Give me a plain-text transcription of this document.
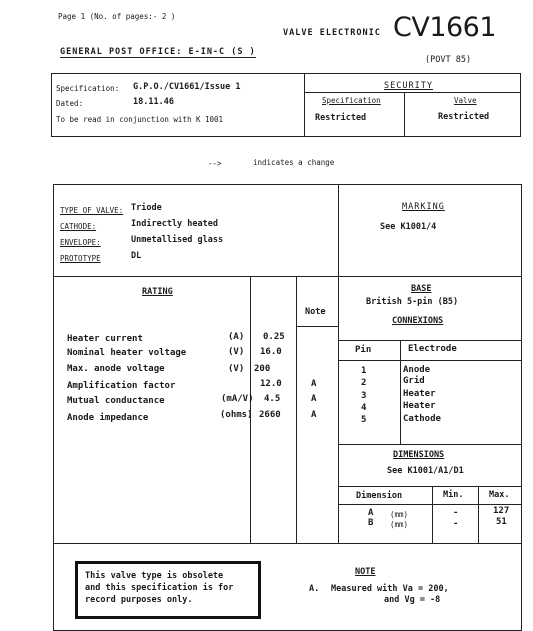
Page 1 (No. of pages:- 2 )
VALVE ELECTRONIC CV1661
GENERAL POST OFFICE: E-IN-C (S )
(POVT 85)
Specification: G.P.O./CV1661/Issue 1
Dated:	18.11.46
To be read in conjunction with K 1001
SECURITY
Specification	Valve
Restricted	Restricted
-->	indicates a change
TYPE OF VALVE: Triode
CATHODE:	Indirectly heated
ENVELOPE:	Unmetallised glass
PROTOTYPE	DL
MARKING
See K1001/4
RATING
Note
Heater current	(A) 0.25
Nominal heater voltage	(V) 16.0
Max. anode voltage	(V) 200
Amplification factor	12.0	A
Mutual conductance	(mA/V) 4.5	A
Anode impedance	(ohms) 2660	A
BASE
British 5-pin (B5)
CONNEXIONS
Pin	Electrode
1	Anode
2	Grid
3	Heater
4	Heater
5	Cathode
DIMENSIONS
See K1001/A1/D1
Dimension	Min.	Max.
A (mm)	-	127
B (mm)	-	51
This valve type is obsolete
and this specification is for
record purposes only.
NOTE
A. Measured with Va = 200,
and Vg = -8
